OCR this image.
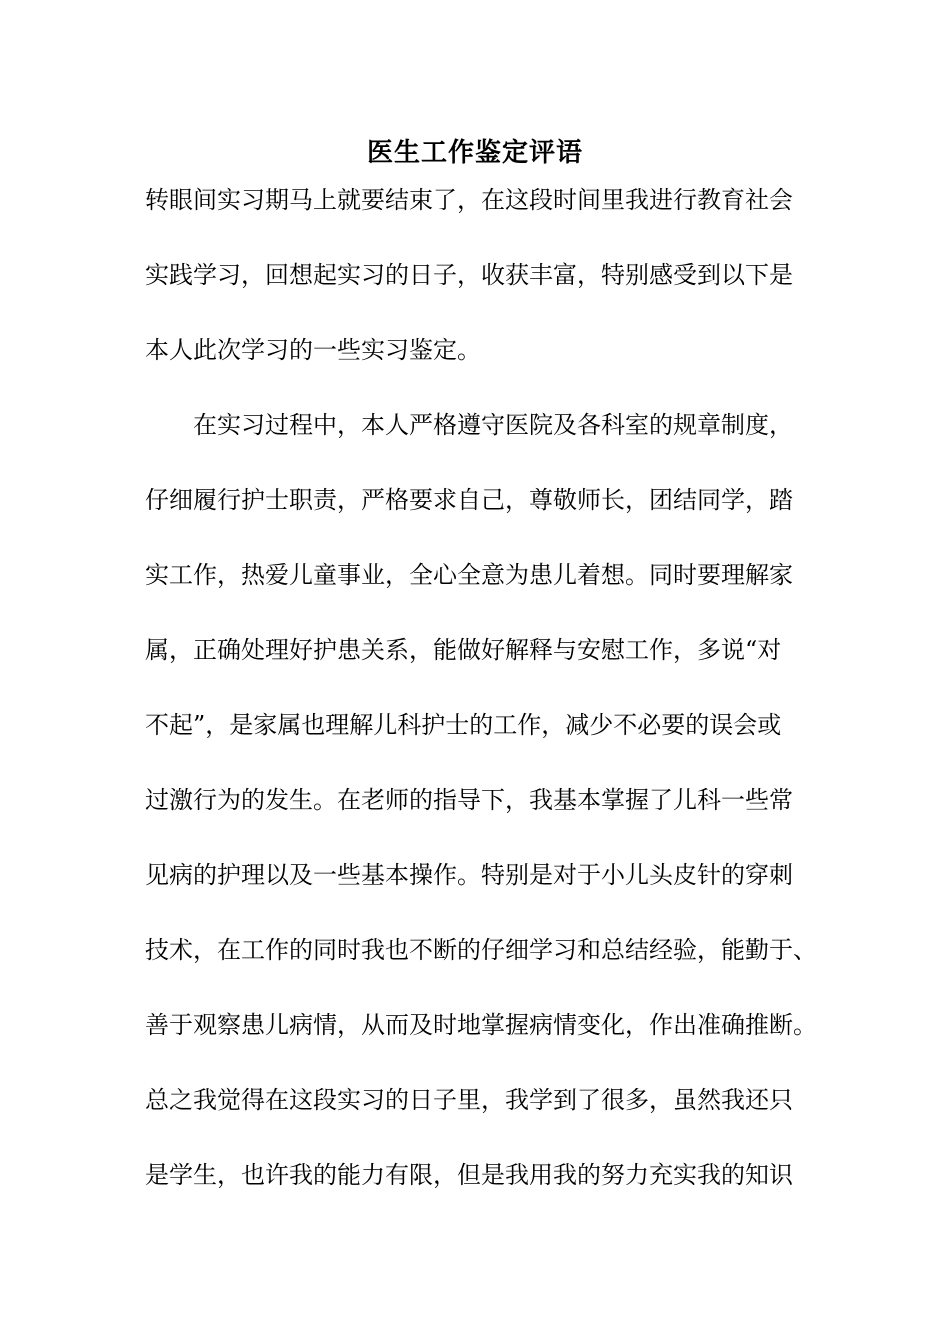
医生工作鉴定评语
转眼间实习期马上就要结束了，在这段时间里我进行教育社会
实践学习，回想起实习的日子，收获丰富，特别感受到以下是
本人此次学习的一些实习鉴定。
　　在实习过程中，本人严格遵守医院及各科室的规章制度，
仔细履行护士职责，严格要求自己，尊敬师长，团结同学，踏
实工作，热爱儿童事业，全心全意为患儿着想。同时要理解家
属，正确处理好护患关系，能做好解释与安慰工作，多说“对
不起”，是家属也理解儿科护士的工作，减少不必要的误会或
过激行为的发生。在老师的指导下，我基本掌握了儿科一些常
见病的护理以及一些基本操作。特别是对于小儿头皮针的穿刺
技术，在工作的同时我也不断的仔细学习和总结经验，能勤于、
善于观察患儿病情，从而及时地掌握病情变化，作出准确推断。
总之我觉得在这段实习的日子里，我学到了很多，虽然我还只
是学生，也许我的能力有限，但是我用我的努力充实我的知识
